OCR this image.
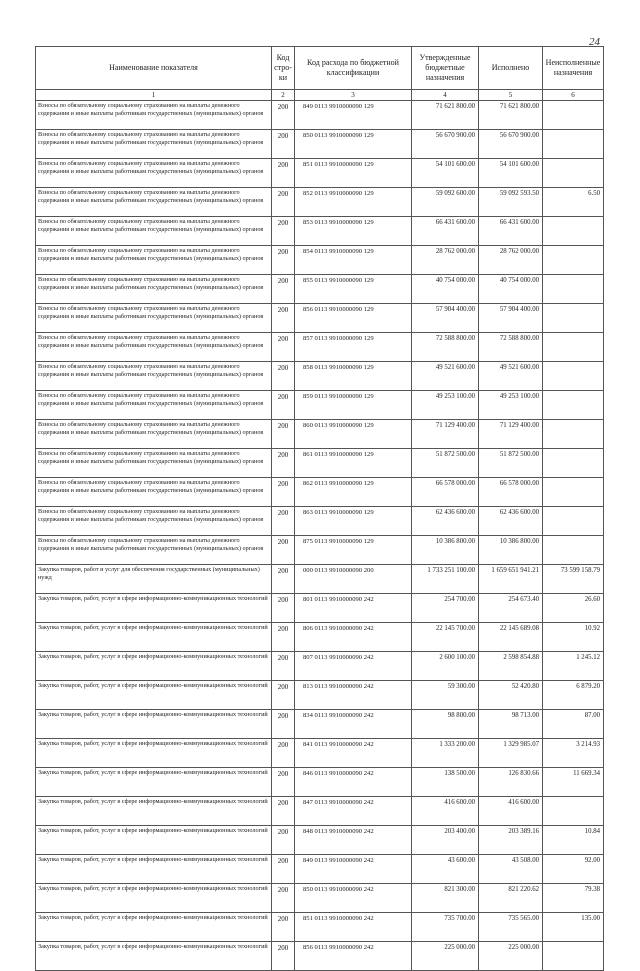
24
Наименование показателя	Код стро-ки	Код расхода по бюджетной классификации	Утвержденные бюджетные назначения	Исполнено	Неисполненные назначения
1	2	3	4	5	6
Взносы по обязательному социальному страхованию на выплаты денежного содержания и иные выплаты работникам государственных (муниципальных) органов	200	849 0113 9910000090 129	71 621 800.00	71 621 800.00	
Взносы по обязательному социальному страхованию на выплаты денежного содержания и иные выплаты работникам государственных (муниципальных) органов	200	850 0113 9910000090 129	56 670 900.00	56 670 900.00	
Взносы по обязательному социальному страхованию на выплаты денежного содержания и иные выплаты работникам государственных (муниципальных) органов	200	851 0113 9910000090 129	54 101 600.00	54 101 600.00	
Взносы по обязательному социальному страхованию на выплаты денежного содержания и иные выплаты работникам государственных (муниципальных) органов	200	852 0113 9910000090 129	59 092 600.00	59 092 593.50	6.50
Взносы по обязательному социальному страхованию на выплаты денежного содержания и иные выплаты работникам государственных (муниципальных) органов	200	853 0113 9910000090 129	66 431 600.00	66 431 600.00	
Взносы по обязательному социальному страхованию на выплаты денежного содержания и иные выплаты работникам государственных (муниципальных) органов	200	854 0113 9910000090 129	28 762 000.00	28 762 000.00	
Взносы по обязательному социальному страхованию на выплаты денежного содержания и иные выплаты работникам государственных (муниципальных) органов	200	855 0113 9910000090 129	40 754 000.00	40 754 000.00	
Взносы по обязательному социальному страхованию на выплаты денежного содержания и иные выплаты работникам государственных (муниципальных) органов	200	856 0113 9910000090 129	57 904 400.00	57 904 400.00	
Взносы по обязательному социальному страхованию на выплаты денежного содержания и иные выплаты работникам государственных (муниципальных) органов	200	857 0113 9910000090 129	72 588 800.00	72 588 800.00	
Взносы по обязательному социальному страхованию на выплаты денежного содержания и иные выплаты работникам государственных (муниципальных) органов	200	858 0113 9910000090 129	49 521 600.00	49 521 600.00	
Взносы по обязательному социальному страхованию на выплаты денежного содержания и иные выплаты работникам государственных (муниципальных) органов	200	859 0113 9910000090 129	49 253 100.00	49 253 100.00	
Взносы по обязательному социальному страхованию на выплаты денежного содержания и иные выплаты работникам государственных (муниципальных) органов	200	860 0113 9910000090 129	71 129 400.00	71 129 400.00	
Взносы по обязательному социальному страхованию на выплаты денежного содержания и иные выплаты работникам государственных (муниципальных) органов	200	861 0113 9910000090 129	51 872 500.00	51 872 500.00	
Взносы по обязательному социальному страхованию на выплаты денежного содержания и иные выплаты работникам государственных (муниципальных) органов	200	862 0113 9910000090 129	66 578 000.00	66 578 000.00	
Взносы по обязательному социальному страхованию на выплаты денежного содержания и иные выплаты работникам государственных (муниципальных) органов	200	863 0113 9910000090 129	62 436 600.00	62 436 600.00	
Взносы по обязательному социальному страхованию на выплаты денежного содержания и иные выплаты работникам государственных (муниципальных) органов	200	875 0113 9910000090 129	10 386 800.00	10 386 800.00	
Закупка товаров, работ и услуг для обеспечения государственных (муниципальных) нужд	200	000 0113 9910000090 200	1 733 251 100.00	1 659 651 941.21	73 599 158.79
Закупка товаров, работ, услуг в сфере информационно-коммуникационных технологий	200	801 0113 9910000090 242	254 700.00	254 673.40	26.60
Закупка товаров, работ, услуг в сфере информационно-коммуникационных технологий	200	806 0113 9910000090 242	22 145 700.00	22 145 689.08	10.92
Закупка товаров, работ, услуг в сфере информационно-коммуникационных технологий	200	807 0113 9910000090 242	2 600 100.00	2 598 854.88	1 245.12
Закупка товаров, работ, услуг в сфере информационно-коммуникационных технологий	200	813 0113 9910000090 242	59 300.00	52 420.80	6 879.20
Закупка товаров, работ, услуг в сфере информационно-коммуникационных технологий	200	834 0113 9910000090 242	98 800.00	98 713.00	87.00
Закупка товаров, работ, услуг в сфере информационно-коммуникационных технологий	200	841 0113 9910000090 242	1 333 200.00	1 329 985.07	3 214.93
Закупка товаров, работ, услуг в сфере информационно-коммуникационных технологий	200	846 0113 9910000090 242	138 500.00	126 830.66	11 669.34
Закупка товаров, работ, услуг в сфере информационно-коммуникационных технологий	200	847 0113 9910000090 242	416 600.00	416 600.00	
Закупка товаров, работ, услуг в сфере информационно-коммуникационных технологий	200	848 0113 9910000090 242	203 400.00	203 389.16	10.84
Закупка товаров, работ, услуг в сфере информационно-коммуникационных технологий	200	849 0113 9910000090 242	43 600.00	43 508.00	92.00
Закупка товаров, работ, услуг в сфере информационно-коммуникационных технологий	200	850 0113 9910000090 242	821 300.00	821 220.62	79.38
Закупка товаров, работ, услуг в сфере информационно-коммуникационных технологий	200	851 0113 9910000090 242	735 700.00	735 565.00	135.00
Закупка товаров, работ, услуг в сфере информационно-коммуникационных технологий	200	856 0113 9910000090 242	225 000.00	225 000.00	
